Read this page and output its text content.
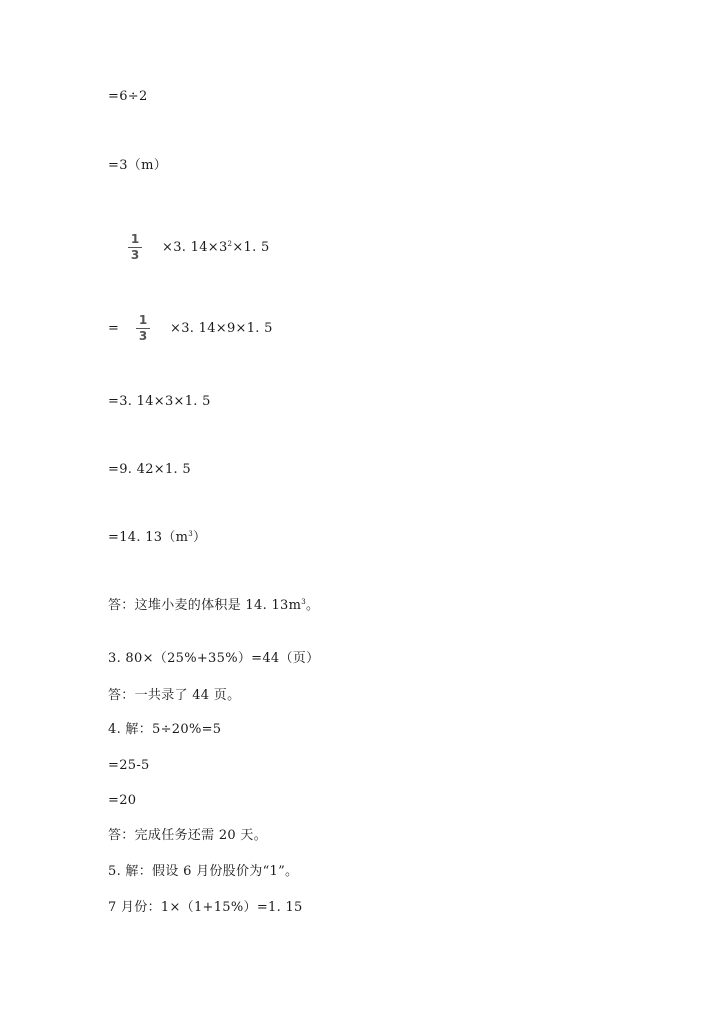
=6÷2
=3（m）
1
3 ×3. $14\times 3^2\times 1$. 5
=
1
3 ×3. 14×9×1. 5
=3. 14×3×1. 5
=9. 42×1. 5
=14. $13(m^3)$
答：这堆小麦的体积是 14. $13m^3$。
3. 80×（25%+35%）=44（页）
答：一共录了 44 页。
4. 解：5÷20%=5
=25-5
=20
答：完成任务还需 20 天。
5. 解：假设 6 月份股价为“1”。
7 月份：1×（1+15%）=1. 15
